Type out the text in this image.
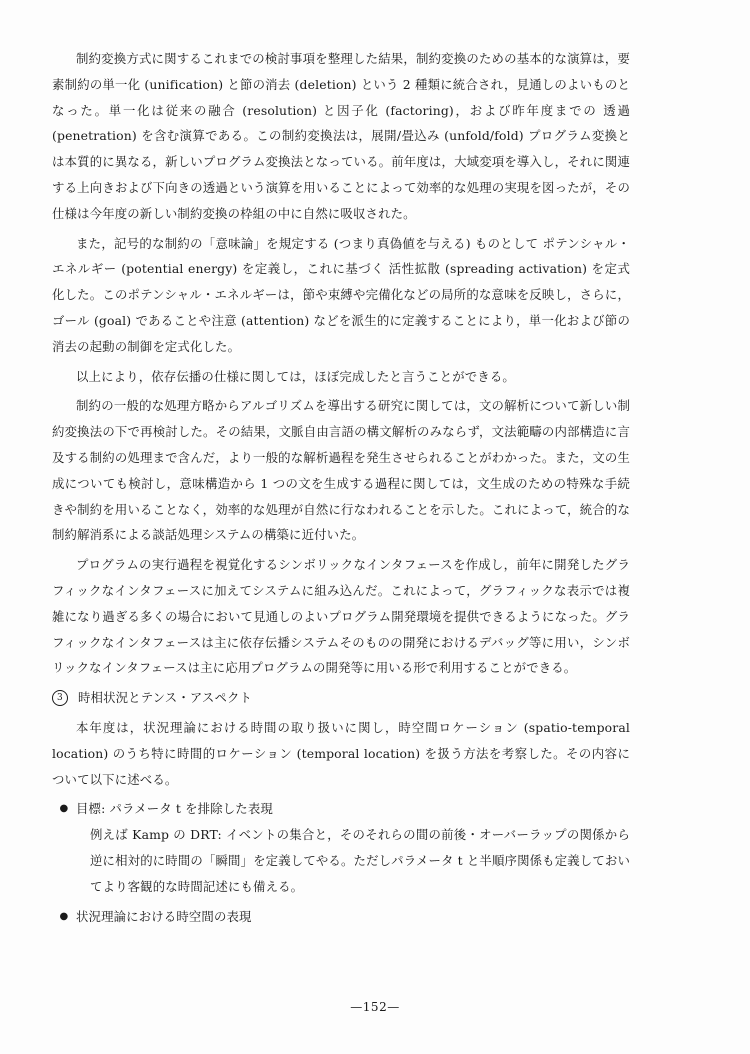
制約変換方式に関するこれまでの検討事項を整理した結果，制約変換のための基本的な演算は，要素制約の単一化 (unification) と節の消去 (deletion) という 2 種類に統合され，見通しのよいものとなった。単一化は従来の融合 (resolution) と因子化 (factoring)，および昨年度までの 透過 (penetration) を含む演算である。この制約変換法は，展開/畳込み (unfold/fold) プログラム変換とは本質的に異なる，新しいプログラム変換法となっている。前年度は，大域変項を導入し，それに関連する上向きおよび下向きの透過という演算を用いることによって効率的な処理の実現を図ったが，その仕様は今年度の新しい制約変換の枠組の中に自然に吸収された。

また，記号的な制約の「意味論」を規定する (つまり真偽値を与える) ものとして ポテンシャル・エネルギー (potential energy) を定義し，これに基づく 活性拡散 (spreading activation) を定式化した。このポテンシャル・エネルギーは，節や束縛や完備化などの局所的な意味を反映し，さらに，ゴール (goal) であることや注意 (attention) などを派生的に定義することにより，単一化および節の消去の起動の制御を定式化した。

以上により，依存伝播の仕様に関しては，ほぼ完成したと言うことができる。

制約の一般的な処理方略からアルゴリズムを導出する研究に関しては，文の解析について新しい制約変換法の下で再検討した。その結果，文脈自由言語の構文解析のみならず，文法範疇の内部構造に言及する制約の処理まで含んだ，より一般的な解析過程を発生させられることがわかった。また，文の生成についても検討し，意味構造から 1 つの文を生成する過程に関しては，文生成のための特殊な手続きや制約を用いることなく，効率的な処理が自然に行なわれることを示した。これによって，統合的な制約解消系による談話処理システムの構築に近付いた。

プログラムの実行過程を視覚化するシンボリックなインタフェースを作成し，前年に開発したグラフィックなインタフェースに加えてシステムに組み込んだ。これによって，グラフィックな表示では複雑になり過ぎる多くの場合において見通しのよいプログラム開発環境を提供できるようになった。グラフィックなインタフェースは主に依存伝播システムそのものの開発におけるデバッグ等に用い，シンボリックなインタフェースは主に応用プログラムの開発等に用いる形で利用することができる。

3	時相状況とテンス・アスペクト

本年度は，状況理論における時間の取り扱いに関し，時空間ロケーション (spatio-temporal location) のうち特に時間的ロケーション (temporal location) を扱う方法を考察した。その内容について以下に述べる。

● 目標: パラメータ t を排除した表現
例えば Kamp の DRT: イベントの集合と，そのそれらの間の前後・オーバーラップの関係から逆に相対的に時間の「瞬間」を定義してやる。ただしパラメータ t と半順序関係も定義しておいてより客観的な時間記述にも備える。
● 状況理論における時空間の表現
—152—
